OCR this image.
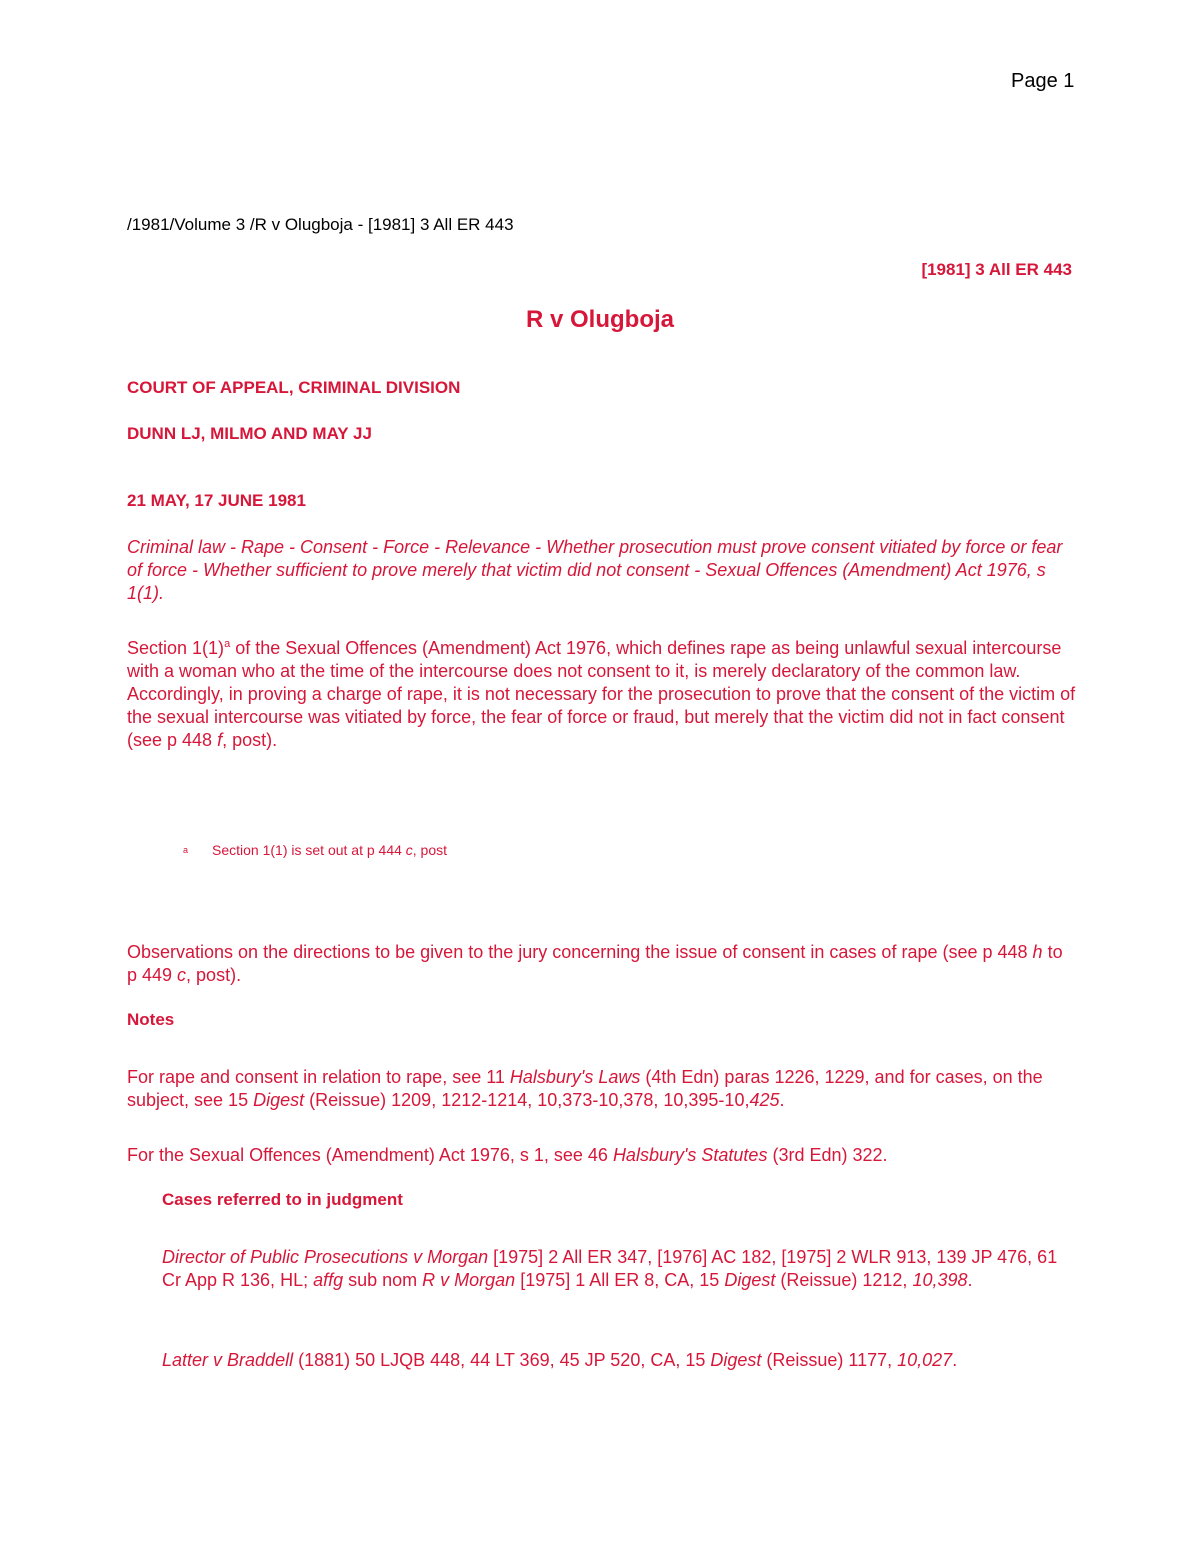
Page 1
/1981/Volume 3 /R v Olugboja - [1981] 3 All ER 443
[1981] 3 All ER 443
R v Olugboja
COURT OF APPEAL, CRIMINAL DIVISION
DUNN LJ, MILMO AND MAY JJ
21 MAY, 17 JUNE 1981
Criminal law - Rape - Consent - Force - Relevance - Whether prosecution must prove consent vitiated by force or fear of force - Whether sufficient to prove merely that victim did not consent - Sexual Offences (Amendment) Act 1976, s 1(1).
Section $1(1)^a$ of the Sexual Offences (Amendment) Act 1976, which defines rape as being unlawful sexual intercourse with a woman who at the time of the intercourse does not consent to it, is merely declaratory of the common law. Accordingly, in proving a charge of rape, it is not necessary for the prosecution to prove that the consent of the victim of the sexual intercourse was vitiated by force, the fear of force or fraud, but merely that the victim did not in fact consent (see p 448 f, post).
a Section 1(1) is set out at p 444 c, post
Observations on the directions to be given to the jury concerning the issue of consent in cases of rape (see p 448 h to p 449 c, post).
Notes
For rape and consent in relation to rape, see 11 Halsbury's Laws (4th Edn) paras 1226, 1229, and for cases, on the subject, see 15 Digest (Reissue) 1209, 1212-1214, 10,373-10,378, 10,395-10,425.
For the Sexual Offences (Amendment) Act 1976, s 1, see 46 Halsbury's Statutes (3rd Edn) 322.
Cases referred to in judgment
Director of Public Prosecutions v Morgan [1975] 2 All ER 347, [1976] AC 182, [1975] 2 WLR 913, 139 JP 476, 61 Cr App R 136, HL; affg sub nom R v Morgan [1975] 1 All ER 8, CA, 15 Digest (Reissue) 1212, 10,398.
Latter v Braddell (1881) 50 LJQB 448, 44 LT 369, 45 JP 520, CA, 15 Digest (Reissue) 1177, 10,027.
